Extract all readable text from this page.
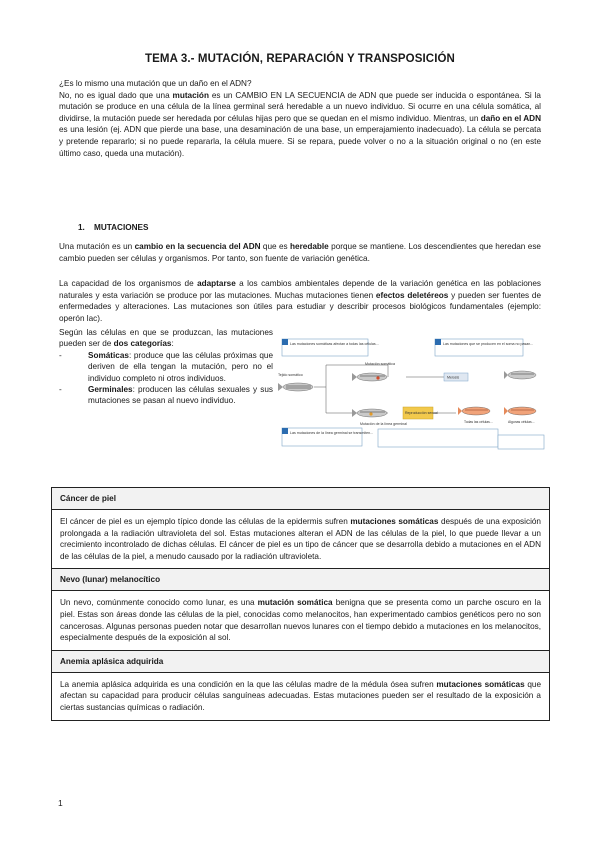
TEMA 3.- MUTACIÓN, REPARACIÓN Y TRANSPOSICIÓN

¿Es lo mismo una mutación que un daño en el ADN?
No, no es igual dado que una mutación es un CAMBIO EN LA SECUENCIA de ADN que puede ser inducida o espontánea. Si la mutación se produce en una célula de la línea germinal será heredable a un nuevo individuo. Si ocurre en una célula somática, al dividirse, la mutación puede ser heredada por células hijas pero que se quedan en el mismo individuo. Mientras, un daño en el ADN es una lesión (ej. ADN que pierde una base, una desaminación de una base, un emperajamiento inadecuado). La célula se percata y pretende repararlo; si no puede repararla, la célula muere. Si se repara, puede volver o no a la situación original o no (en este último caso, queda una mutación).

1. MUTACIONES

Una mutación es un cambio en la secuencia del ADN que es heredable porque se mantiene. Los descendientes que heredan ese cambio pueden ser células y organismos. Por tanto, son fuente de variación genética.

La capacidad de los organismos de adaptarse a los cambios ambientales depende de la variación genética en las poblaciones naturales y esta variación se produce por las mutaciones. Muchas mutaciones tienen efectos deletéreos y pueden ser fuentes de enfermedades y alteraciones. Las mutaciones son útiles para estudiar y describir procesos biológicos fundamentales (ejemplo: operón lac).

Según las células en que se produzcan, las mutaciones pueden ser de dos categorías:

-	Somáticas: produce que las células próximas que deriven de ella tengan la mutación, pero no el individuo completo ni otros individuos.
-	Germinales: producen las células sexuales y sus mutaciones se pasan al nuevo individuo.
Las mutaciones somáticas afectan a todas las células...
Las mutaciones de la línea germinal se transmiten...
Las mutaciones que se producen en el soma no pasan...
Tejido somático
Mutación somática
Mutación de la línea germinal
Meiosis
Reproducción sexual
Todas las células...	Algunas células...
Cáncer de piel
El cáncer de piel es un ejemplo típico donde las células de la epidermis sufren mutaciones somáticas después de una exposición prolongada a la radiación ultravioleta del sol. Estas mutaciones alteran el ADN de las células de la piel, lo que puede llevar a un crecimiento incontrolado de dichas células. El cáncer de piel es un tipo de cáncer que se desarrolla debido a mutaciones en el ADN de las células de la piel, a menudo causado por la radiación ultravioleta.
Nevo (lunar) melanocítico
Un nevo, comúnmente conocido como lunar, es una mutación somática benigna que se presenta como un parche oscuro en la piel. Estas son áreas donde las células de la piel, conocidas como melanocitos, han experimentado cambios genéticos pero no son cancerosas. Algunas personas pueden notar que desarrollan nuevos lunares con el tiempo debido a mutaciones en los melanocitos, especialmente después de la exposición al sol.
Anemia aplásica adquirida
La anemia aplásica adquirida es una condición en la que las células madre de la médula ósea sufren mutaciones somáticas que afectan su capacidad para producir células sanguíneas adecuadas. Estas mutaciones pueden ser el resultado de la exposición a ciertas sustancias químicas o radiación.
1
